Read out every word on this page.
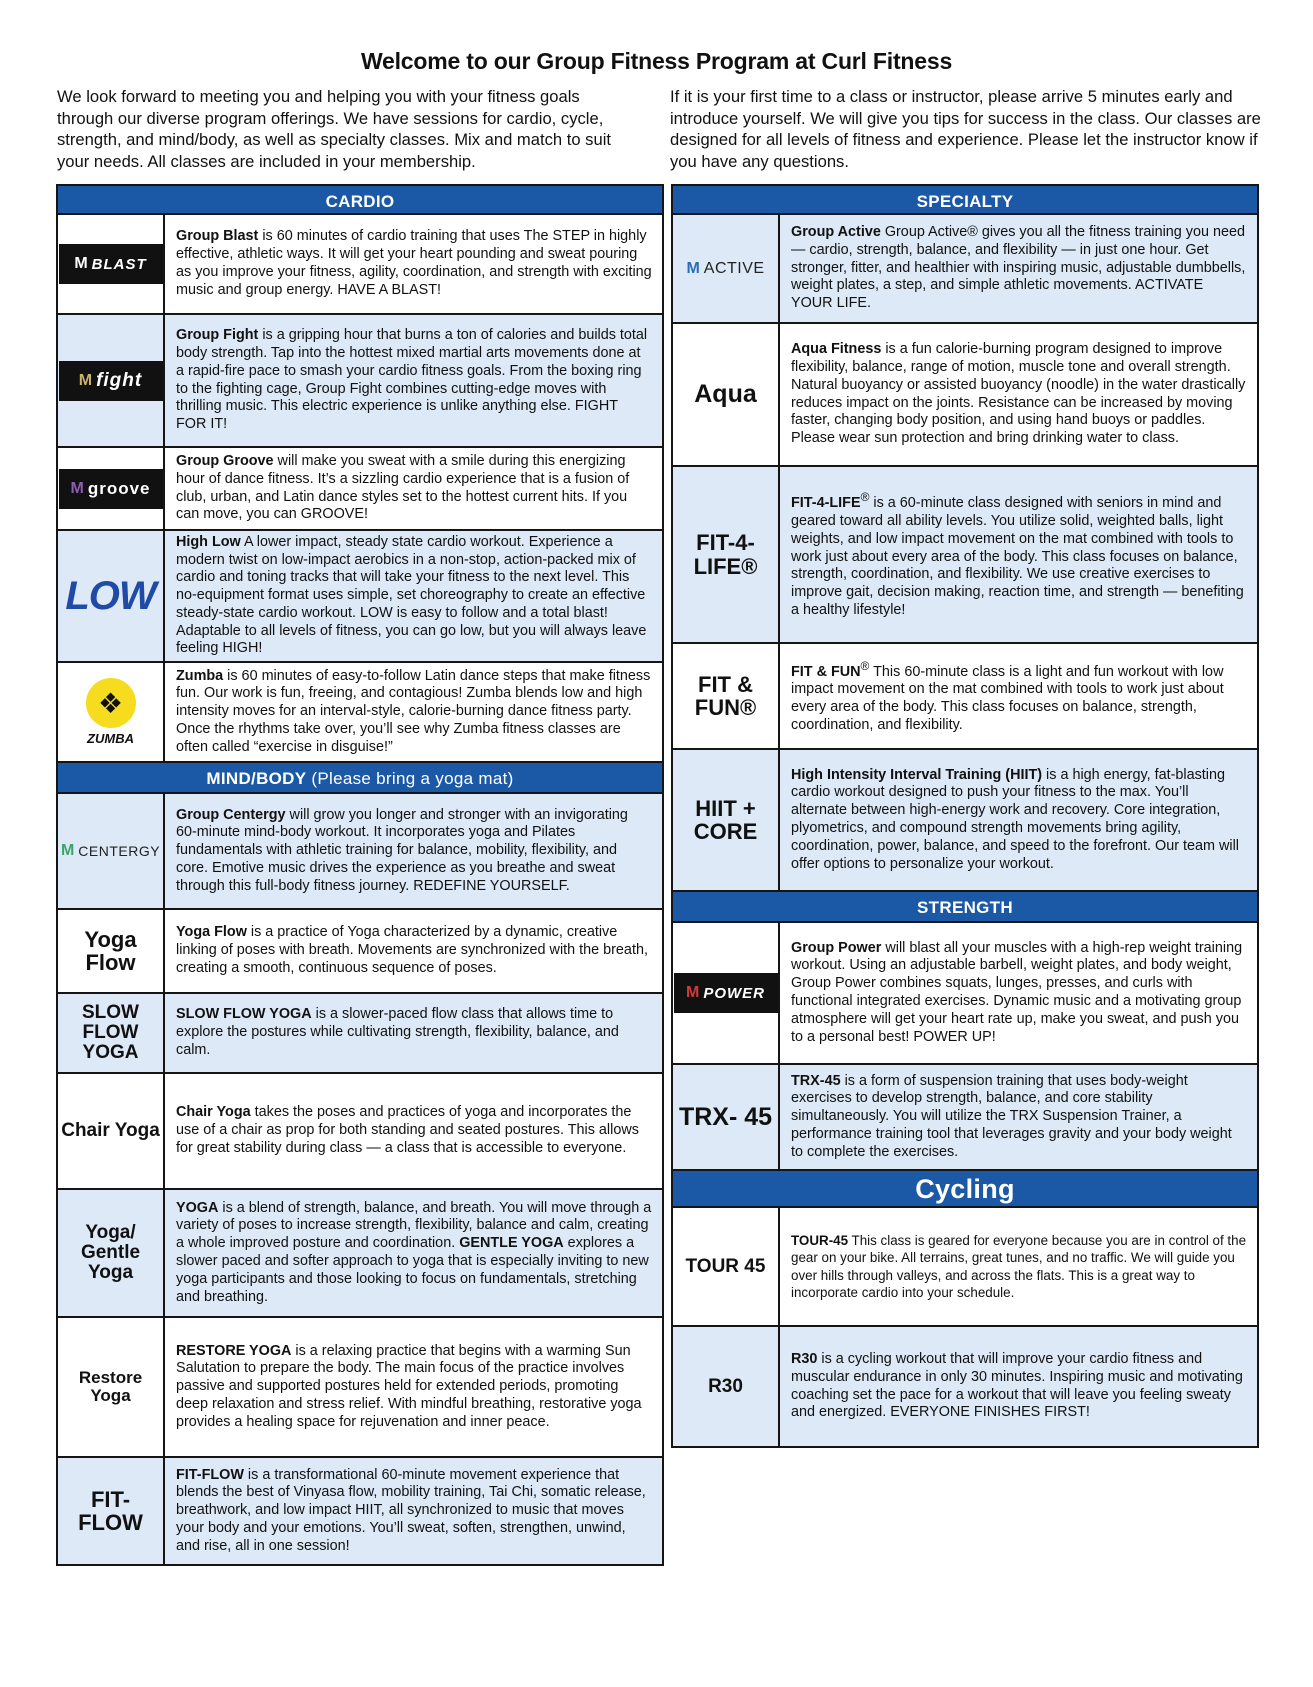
Welcome to our Group Fitness Program at Curl Fitness

We look forward to meeting you and helping you with your fitness goals through our diverse program offerings. We have sessions for cardio, cycle, strength, and mind/body, as well as specialty classes. Mix and match to suit your needs. All classes are included in your membership.

If it is your first time to a class or instructor, please arrive 5 minutes early and introduce yourself. We will give you tips for success in the class. Our classes are designed for all levels of fitness and experience. Please let the instructor know if you have any questions.

CARDIO
M BLAST

Group Blast is 60 minutes of cardio training that uses The STEP in highly effective, athletic ways. It will get your heart pounding and sweat pouring as you improve your fitness, agility, coordination, and strength with exciting music and group energy. HAVE A BLAST!

M fight

Group Fight is a gripping hour that burns a ton of calories and builds total body strength. Tap into the hottest mixed martial arts movements done at a rapid-fire pace to smash your cardio fitness goals. From the boxing ring to the fighting cage, Group Fight combines cutting-edge moves with thrilling music. This electric experience is unlike anything else. FIGHT FOR IT!

M groove

Group Groove will make you sweat with a smile during this energizing hour of dance fitness. It’s a sizzling cardio experience that is a fusion of club, urban, and Latin dance styles set to the hottest current hits. If you can move, you can GROOVE!

LOW

High Low A lower impact, steady state cardio workout. Experience a modern twist on low-impact aerobics in a non-stop, action-packed mix of cardio and toning tracks that will take your fitness to the next level. This no-equipment format uses simple, set choreography to create an effective steady-state cardio workout. LOW is easy to follow and a total blast! Adaptable to all levels of fitness, you can go low, but you will always leave feeling HIGH!

❖
ZUMBA

Zumba is 60 minutes of easy-to-follow Latin dance steps that make fitness fun. Our work is fun, freeing, and contagious! Zumba blends low and high intensity moves for an interval-style, calorie-burning dance fitness party. Once the rhythms take over, you’ll see why Zumba fitness classes are often called “exercise in disguise!”

MIND/BODY (Please bring a yoga mat)
M CENTERGY

Group Centergy will grow you longer and stronger with an invigorating 60-minute mind-body workout. It incorporates yoga and Pilates fundamentals with athletic training for balance, mobility, flexibility, and core. Emotive music drives the experience as you breathe and sweat through this full-body fitness journey. REDEFINE YOURSELF.

Yoga Flow

Yoga Flow is a practice of Yoga characterized by a dynamic, creative linking of poses with breath. Movements are synchronized with the breath, creating a smooth, continuous sequence of poses.

SLOW FLOW YOGA

SLOW FLOW YOGA is a slower-paced flow class that allows time to explore the postures while cultivating strength, flexibility, balance, and calm.

Chair Yoga

Chair Yoga takes the poses and practices of yoga and incorporates the use of a chair as prop for both standing and seated postures. This allows for great stability during class — a class that is accessible to everyone.

Yoga/ Gentle Yoga

YOGA is a blend of strength, balance, and breath. You will move through a variety of poses to increase strength, flexibility, balance and calm, creating a whole improved posture and coordination. GENTLE YOGA explores a slower paced and softer approach to yoga that is especially inviting to new yoga participants and those looking to focus on fundamentals, stretching and breathing.

Restore Yoga

RESTORE YOGA is a relaxing practice that begins with a warming Sun Salutation to prepare the body. The main focus of the practice involves passive and supported postures held for extended periods, promoting deep relaxation and stress relief. With mindful breathing, restorative yoga provides a healing space for rejuvenation and inner peace.

FIT- FLOW

FIT-FLOW is a transformational 60-minute movement experience that blends the best of Vinyasa flow, mobility training, Tai Chi, somatic release, breathwork, and low impact HIIT, all synchronized to music that moves your body and your emotions. You’ll sweat, soften, strengthen, unwind, and rise, all in one session!

SPECIALTY
M ACTIVE

Group Active Group Active® gives you all the fitness training you need — cardio, strength, balance, and flexibility — in just one hour. Get stronger, fitter, and healthier with inspiring music, adjustable dumbbells, weight plates, a step, and simple athletic movements. ACTIVATE YOUR LIFE.

Aqua

Aqua Fitness is a fun calorie-burning program designed to improve flexibility, balance, range of motion, muscle tone and overall strength. Natural buoyancy or assisted buoyancy (noodle) in the water drastically reduces impact on the joints. Resistance can be increased by moving faster, changing body position, and using hand buoys or paddles. Please wear sun protection and bring drinking water to class.

FIT-4- LIFE®

FIT-4-LIFE® is a 60-minute class designed with seniors in mind and geared toward all ability levels. You utilize solid, weighted balls, light weights, and low impact movement on the mat combined with tools to work just about every area of the body. This class focuses on balance, strength, coordination, and flexibility. We use creative exercises to improve gait, decision making, reaction time, and strength — benefiting a healthy lifestyle!

FIT & FUN®

FIT & FUN® This 60-minute class is a light and fun workout with low impact movement on the mat combined with tools to work just about every area of the body. This class focuses on balance, strength, coordination, and flexibility.

HIIT + CORE

High Intensity Interval Training (HIIT) is a high energy, fat-blasting cardio workout designed to push your fitness to the max. You’ll alternate between high-energy work and recovery. Core integration, plyometrics, and compound strength movements bring agility, coordination, power, balance, and speed to the forefront. Our team will offer options to personalize your workout.

STRENGTH
M POWER

Group Power will blast all your muscles with a high-rep weight training workout. Using an adjustable barbell, weight plates, and body weight, Group Power combines squats, lunges, presses, and curls with functional integrated exercises. Dynamic music and a motivating group atmosphere will get your heart rate up, make you sweat, and push you to a personal best! POWER UP!

TRX- 45

TRX-45 is a form of suspension training that uses body-weight exercises to develop strength, balance, and core stability simultaneously. You will utilize the TRX Suspension Trainer, a performance training tool that leverages gravity and your body weight to complete the exercises.

Cycling
TOUR 45

TOUR-45 This class is geared for everyone because you are in control of the gear on your bike. All terrains, great tunes, and no traffic. We will guide you over hills through valleys, and across the flats. This is a great way to incorporate cardio into your schedule.

R30

R30 is a cycling workout that will improve your cardio fitness and muscular endurance in only 30 minutes. Inspiring music and motivating coaching set the pace for a workout that will leave you feeling sweaty and energized. EVERYONE FINISHES FIRST!
